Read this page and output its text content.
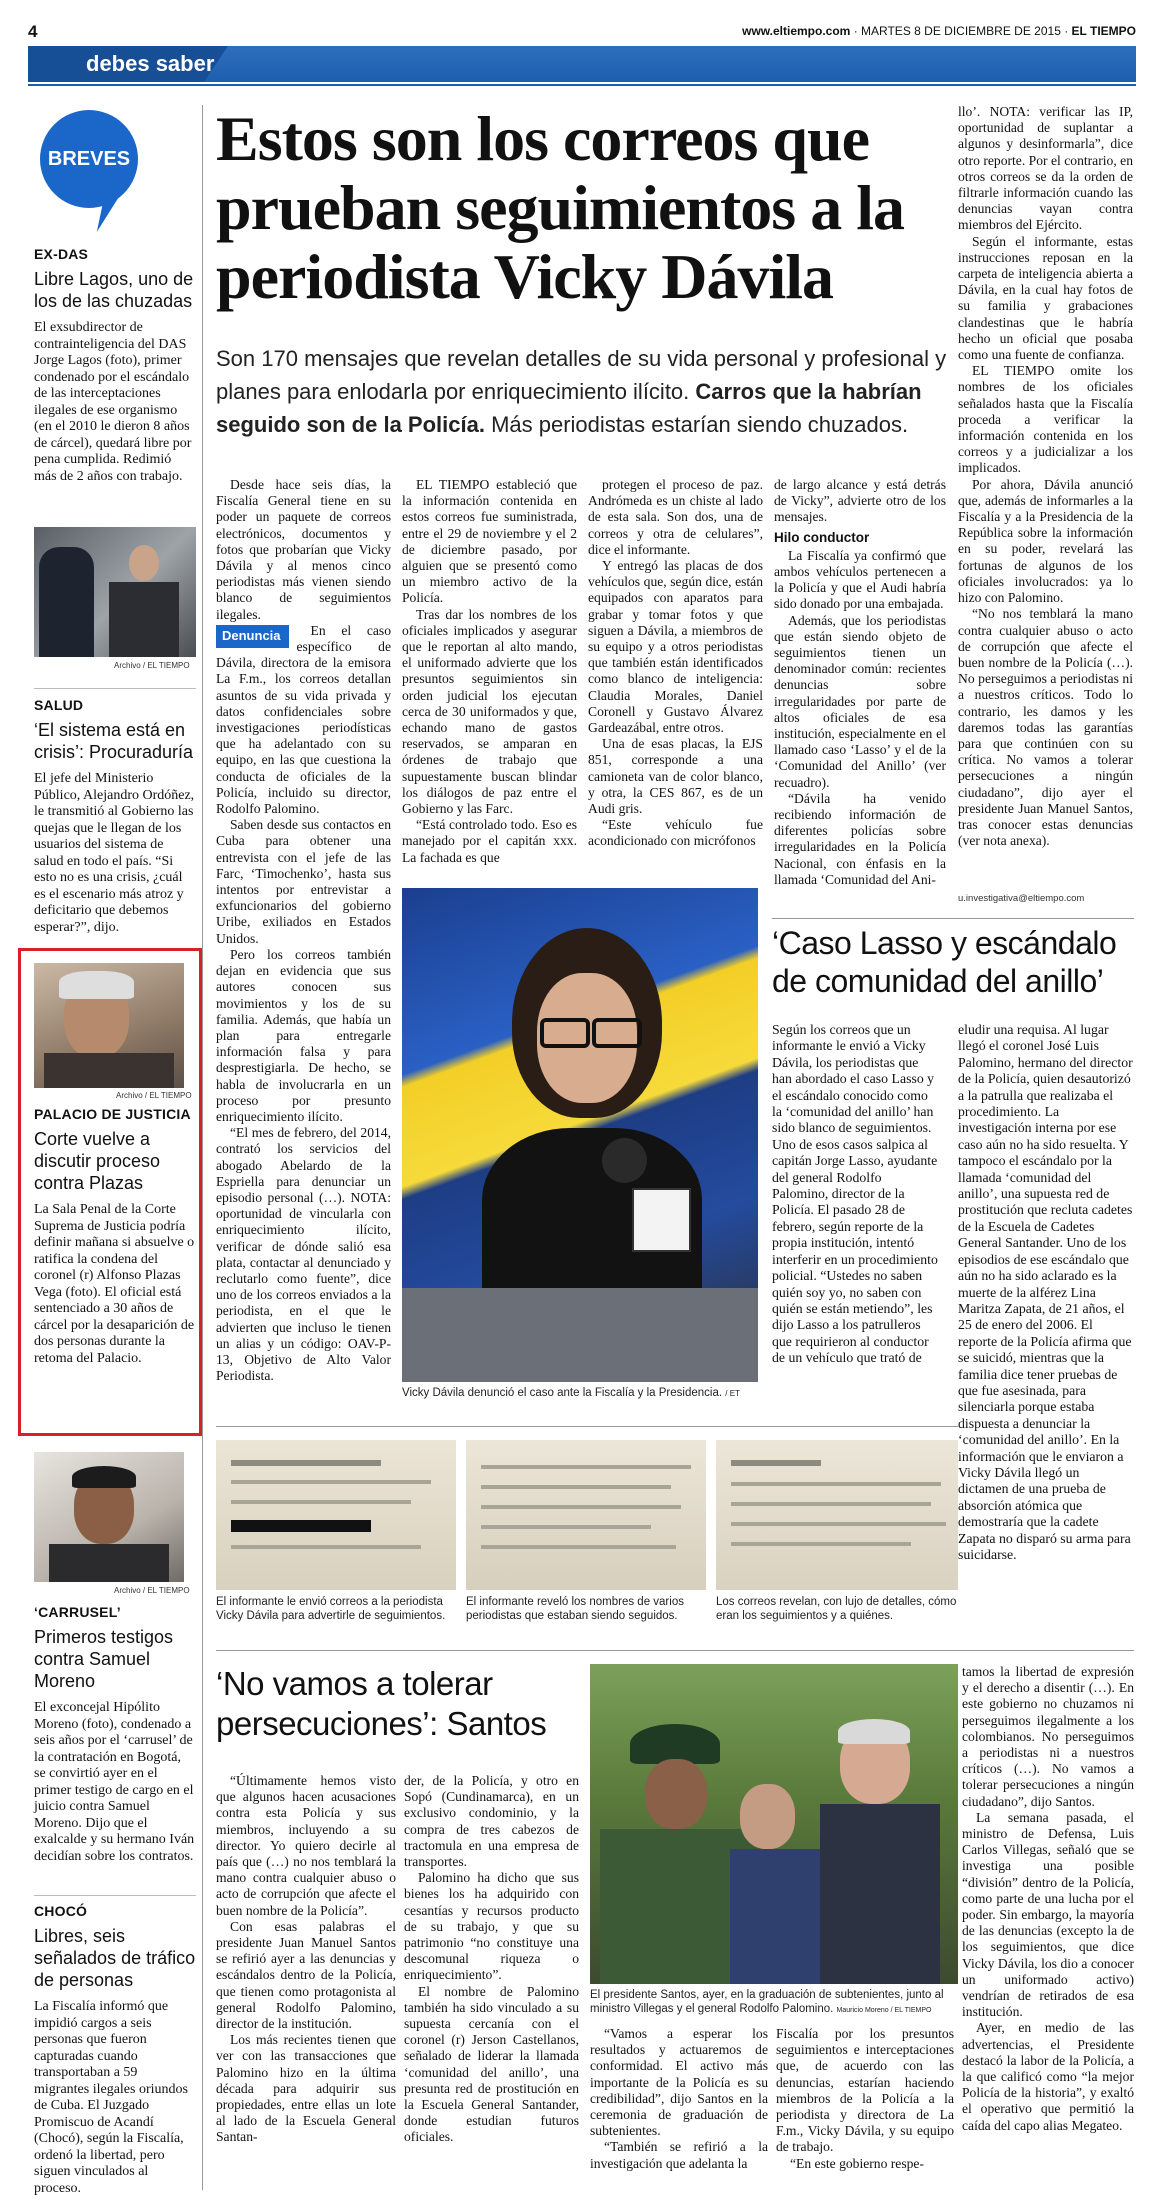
4	www.eltiempo.com · MARTES 8 DE DICIEMBRE DE 2015 · EL TIEMPO
debes saber
BREVES
EX-DAS
Libre Lagos, uno de los de las chuzadas
El exsubdirector de contrainteligencia del DAS Jorge Lagos (foto), primer condenado por el escándalo de las interceptaciones ilegales de ese organismo (en el 2010 le dieron 8 años de cárcel), quedará libre por pena cumplida. Redimió más de 2 años con trabajo.
Archivo / EL TIEMPO
SALUD
‘El sistema está en crisis’: Procuraduría
El jefe del Ministerio Público, Alejandro Ordóñez, le transmitió al Gobierno las quejas que le llegan de los usuarios del sistema de salud en todo el país. “Si esto no es una crisis, ¿cuál es el escenario más atroz y deficitario que debemos esperar?”, dijo.
Archivo / EL TIEMPO
PALACIO DE JUSTICIA
Corte vuelve a discutir proceso contra Plazas
La Sala Penal de la Corte Suprema de Justicia podría definir mañana si absuelve o ratifica la condena del coronel (r) Alfonso Plazas Vega (foto). El oficial está sentenciado a 30 años de cárcel por la desaparición de dos personas durante la retoma del Palacio.
Archivo / EL TIEMPO
‘CARRUSEL’
Primeros testigos contra Samuel Moreno
El exconcejal Hipólito Moreno (foto), condenado a seis años por el ‘carrusel’ de la contratación en Bogotá, se convirtió ayer en el primer testigo de cargo en el juicio contra Samuel Moreno. Dijo que el exalcalde y su hermano Iván decidían sobre los contratos.
CHOCÓ
Libres, seis señalados de tráfico de personas
La Fiscalía informó que impidió cargos a seis personas que fueron capturadas cuando transportaban a 59 migrantes ilegales oriundos de Cuba. El Juzgado Promiscuo de Acandí (Chocó), según la Fiscalía, ordenó la libertad, pero siguen vinculados al proceso.
Estos son los correos que prueban seguimientos a la periodista Vicky Dávila
Son 170 mensajes que revelan detalles de su vida personal y profesional y planes para enlodarla por enriquecimiento ilícito. Carros que la habrían seguido son de la Policía. Más periodistas estarían siendo chuzados.

Desde hace seis días, la Fiscalía General tiene en su poder un paquete de correos electrónicos, documentos y fotos que probarían que Vicky Dávila y al menos cinco periodistas más vienen siendo blanco de seguimientos ilegales.

Denuncia	En el caso específico de Dávila, directora de la emisora La F.m., los correos detallan asuntos de su vida privada y datos confidenciales sobre investigaciones periodísticas que ha adelantado con su equipo, en las que cuestiona la conducta de oficiales de la Policía, incluido su director, Rodolfo Palomino.

Saben desde sus contactos en Cuba para obtener una entrevista con el jefe de las Farc, ‘Timochenko’, hasta sus intentos por entrevistar a exfuncionarios del gobierno Uribe, exiliados en Estados Unidos.

Pero los correos también dejan en evidencia que sus autores conocen sus movimientos y los de su familia. Además, que había un plan para entregarle información falsa y para desprestigiarla. De hecho, se habla de involucrarla en un proceso por presunto enriquecimiento ilícito.

“El mes de febrero, del 2014, contrató los servicios del abogado Abelardo de la Espriella para denunciar un episodio personal (…). NOTA: oportunidad de vincularla con enriquecimiento ilícito, verificar de dónde salió esa plata, contactar al denunciado y reclutarlo como fuente”, dice uno de los correos enviados a la periodista, en el que le advierten que incluso le tienen un alias y un código: OAV-P-13, Objetivo de Alto Valor Periodista.

EL TIEMPO estableció que la información contenida en estos correos fue suministrada, entre el 29 de noviembre y el 2 de diciembre pasado, por alguien que se presentó como un miembro activo de la Policía.

Tras dar los nombres de los oficiales implicados y asegurar que le reportan al alto mando, el uniformado advierte que los presuntos seguimientos sin orden judicial los ejecutan cerca de 30 uniformados y que, echando mano de gastos reservados, se amparan en órdenes de trabajo que supuestamente buscan blindar los diálogos de paz entre el Gobierno y las Farc.

“Está controlado todo. Eso es manejado por el capitán xxx. La fachada es que

protegen el proceso de paz. Andrómeda es un chiste al lado de esta sala. Son dos, una de correos y otra de celulares”, dice el informante.

Y entregó las placas de dos vehículos que, según dice, están equipados con aparatos para grabar y tomar fotos y que siguen a Dávila, a miembros de su equipo y a otros periodistas que también están identificados como blanco de inteligencia: Claudia Morales, Daniel Coronell y Gustavo Álvarez Gardeazábal, entre otros.

Una de esas placas, la EJS 851, corresponde a una camioneta van de color blanco, y otra, la CES 867, es de un Audi gris.

“Este vehículo fue acondicionado con micrófonos

de largo alcance y está detrás de Vicky”, advierte otro de los mensajes.

Hilo conductor

La Fiscalía ya confirmó que ambos vehículos pertenecen a la Policía y que el Audi habría sido donado por una embajada.

Además, que los periodistas que están siendo objeto de seguimientos tienen un denominador común: recientes denuncias sobre irregularidades por parte de altos oficiales de esa institución, especialmente en el llamado caso ‘Lasso’ y el de la ‘Comunidad del Anillo’ (ver recuadro).

“Dávila ha venido recibiendo información de diferentes policías sobre irregularidades en la Policía Nacional, con énfasis en la llamada ‘Comunidad del Ani-

llo’. NOTA: verificar las IP, oportunidad de suplantar a algunos y desinformarla”, dice otro reporte. Por el contrario, en otros correos se da la orden de filtrarle información cuando las denuncias vayan contra miembros del Ejército.

Según el informante, estas instrucciones reposan en la carpeta de inteligencia abierta a Dávila, en la cual hay fotos de su familia y grabaciones clandestinas que le habría hecho un oficial que posaba como una fuente de confianza.

EL TIEMPO omite los nombres de los oficiales señalados hasta que la Fiscalía proceda a verificar la información contenida en los correos y a judicializar a los implicados.

Por ahora, Dávila anunció que, además de informarles a la Fiscalía y a la Presidencia de la República sobre la información en su poder, revelará las fortunas de algunos de los oficiales involucrados: ya lo hizo con Palomino.

“No nos temblará la mano contra cualquier abuso o acto de corrupción que afecte el buen nombre de la Policía (…). No perseguimos a periodistas ni a nuestros críticos. Todo lo contrario, les damos y les daremos todas las garantías para que continúen con su crítica. No vamos a tolerar persecuciones a ningún ciudadano”, dijo ayer el presidente Juan Manuel Santos, tras conocer estas denuncias (ver nota anexa).

u.investigativa@eltiempo.com
Vicky Dávila denunció el caso ante la Fiscalía y la Presidencia. / ET
‘Caso Lasso y escándalo de comunidad del anillo’
Según los correos que un informante le envió a Vicky Dávila, los periodistas que han abordado el caso Lasso y el escándalo conocido como la ‘comunidad del anillo’ han sido blanco de seguimientos. Uno de esos casos salpica al capitán Jorge Lasso, ayudante del general Rodolfo Palomino, director de la Policía. El pasado 28 de febrero, según reporte de la propia institución, intentó interferir en un procedimiento policial. “Ustedes no saben quién soy yo, no saben con quién se están metiendo”, les dijo Lasso a los patrulleros que requirieron al conductor de un vehículo que trató de
eludir una requisa. Al lugar llegó el coronel José Luis Palomino, hermano del director de la Policía, quien desautorizó a la patrulla que realizaba el procedimiento. La investigación interna por ese caso aún no ha sido resuelta. Y tampoco el escándalo por la llamada ‘comunidad del anillo’, una supuesta red de prostitución que recluta cadetes de la Escuela de Cadetes General Santander. Uno de los episodios de ese escándalo que aún no ha sido aclarado es la muerte de la alférez Lina Maritza Zapata, de 21 años, el 25 de enero del 2006. El reporte de la Policía afirma que se suicidó, mientras que la familia dice tener pruebas de que fue asesinada, para silenciarla porque estaba dispuesta a denunciar la ‘comunidad del anillo’. En la información que le enviaron a Vicky Dávila llegó un dictamen de una prueba de absorción atómica que demostraría que la cadete Zapata no disparó su arma para suicidarse.
El informante le envió correos a la periodista Vicky Dávila para advertirle de seguimientos.
El informante reveló los nombres de varios periodistas que estaban siendo seguidos.
Los correos revelan, con lujo de detalles, cómo eran los seguimientos y a quiénes.
‘No vamos a tolerar persecuciones’: Santos

“Últimamente hemos visto que algunos hacen acusaciones contra esta Policía y sus miembros, incluyendo a su director. Yo quiero decirle al país que (…) no nos temblará la mano contra cualquier abuso o acto de corrupción que afecte el buen nombre de la Policía”.

Con esas palabras el presidente Juan Manuel Santos se refirió ayer a las denuncias y escándalos dentro de la Policía, que tienen como protagonista al general Rodolfo Palomino, director de la institución.

Los más recientes tienen que ver con las transacciones que Palomino hizo en la última década para adquirir sus propiedades, entre ellas un lote al lado de la Escuela General Santan-

der, de la Policía, y otro en Sopó (Cundinamarca), en un exclusivo condominio, y la compra de tres cabezos de tractomula en una empresa de transportes.

Palomino ha dicho que sus bienes los ha adquirido con cesantías y recursos producto de su trabajo, y que su patrimonio “no constituye una descomunal riqueza o enriquecimiento”.

El nombre de Palomino también ha sido vinculado a su supuesta cercanía con el coronel (r) Jerson Castellanos, señalado de liderar la llamada ‘comunidad del anillo’, una presunta red de prostitución en la Escuela General Santander, donde estudian futuros oficiales.

El presidente Santos, ayer, en la graduación de subtenientes, junto al ministro Villegas y el general Rodolfo Palomino. Mauricio Moreno / EL TIEMPO

“Vamos a esperar los resultados y actuaremos de conformidad. El activo más importante de la Policía es su credibilidad”, dijo Santos en la ceremonia de graduación de subtenientes.

“También se refirió a la investigación que adelanta la

Fiscalía por los presuntos seguimientos e interceptaciones que, de acuerdo con las denuncias, estarían haciendo miembros de la Policía a la periodista y directora de La F.m., Vicky Dávila, y su equipo de trabajo.

“En este gobierno respe-

tamos la libertad de expresión y el derecho a disentir (…). En este gobierno no chuzamos ni perseguimos ilegalmente a los colombianos. No perseguimos a periodistas ni a nuestros críticos (…). No vamos a tolerar persecuciones a ningún ciudadano”, dijo Santos.

La semana pasada, el ministro de Defensa, Luis Carlos Villegas, señaló que se investiga una posible “división” dentro de la Policía, como parte de una lucha por el poder. Sin embargo, la mayoría de las denuncias (excepto la de los seguimientos, que dice Vicky Dávila, los dio a conocer un uniformado activo) vendrían de retirados de esa institución.

Ayer, en medio de las advertencias, el Presidente destacó la labor de la Policía, a la que calificó como “la mejor Policía de la historia”, y exaltó el operativo que permitió la caída del capo alias Megateo.
